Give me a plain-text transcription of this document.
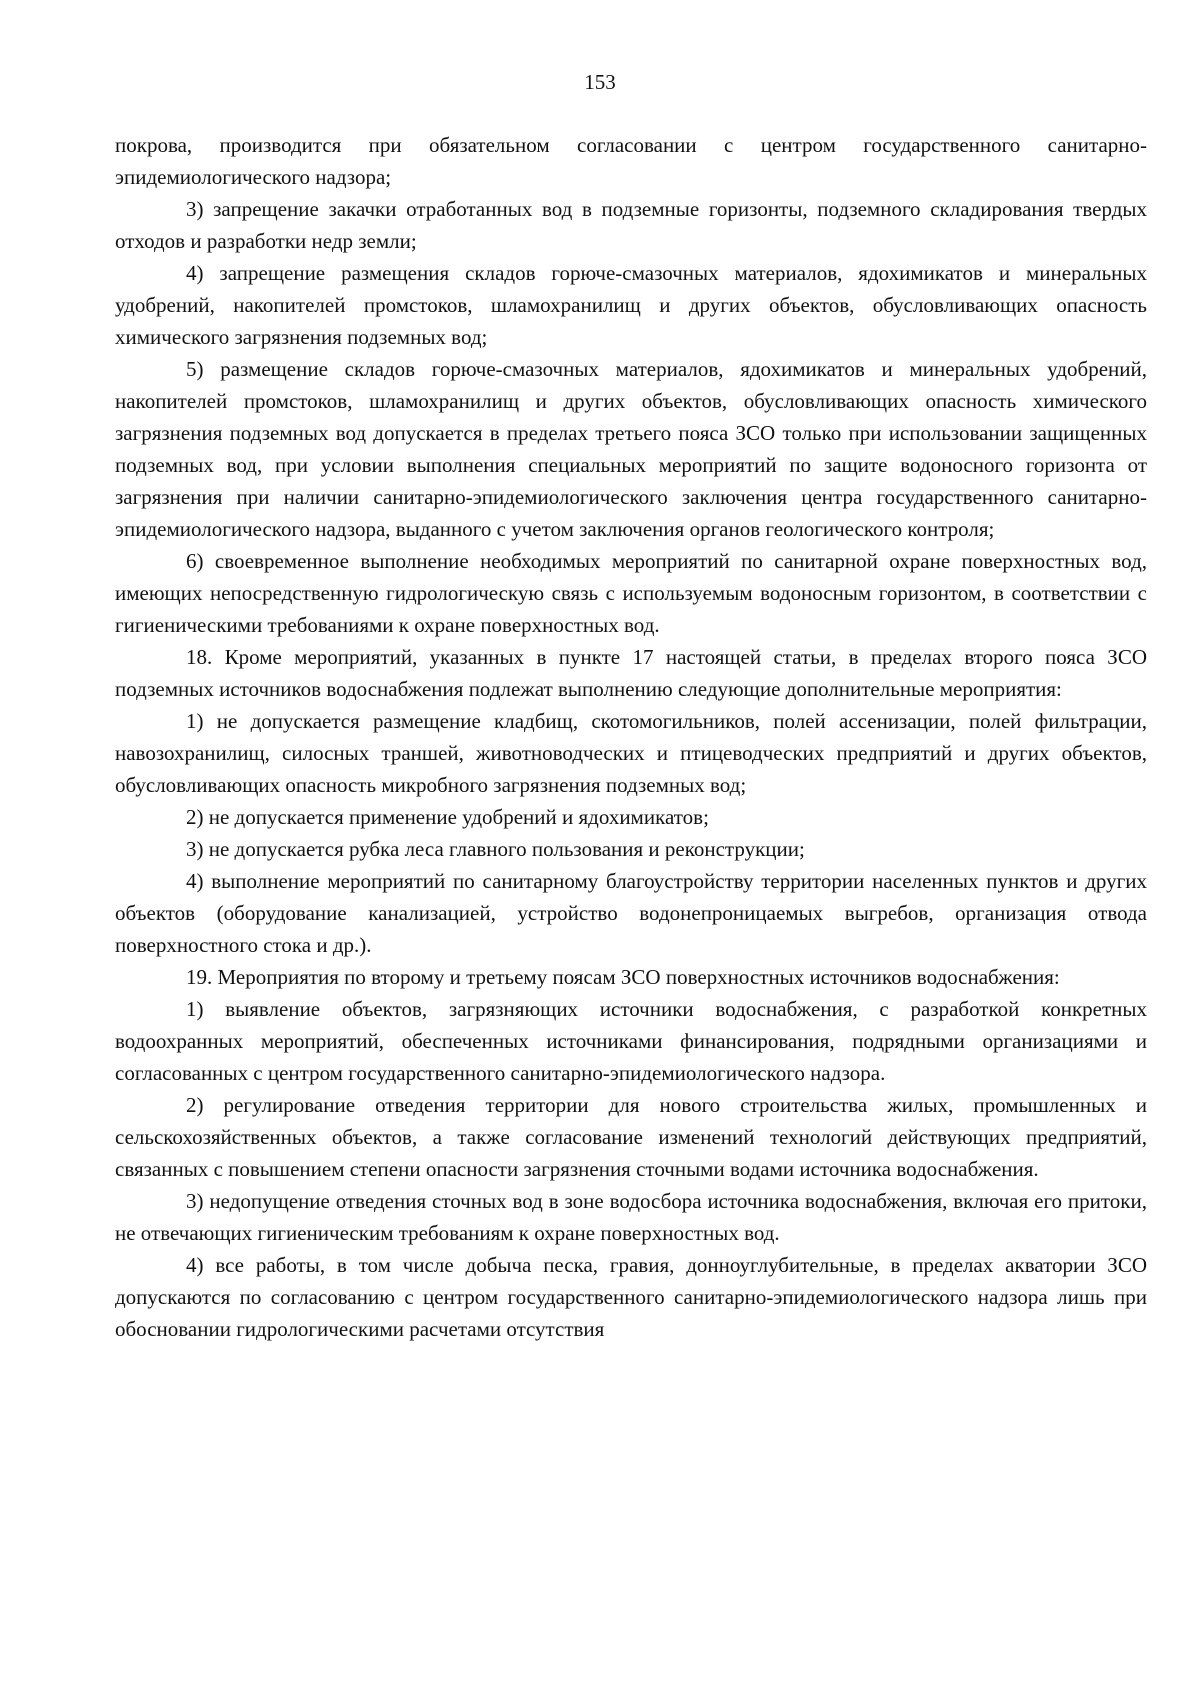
153

покрова, производится при обязательном согласовании с центром государственного санитарно-эпидемиологического надзора;

3) запрещение закачки отработанных вод в подземные горизонты, подземного складирования твердых отходов и разработки недр земли;

4) запрещение размещения складов горюче-смазочных материалов, ядохимикатов и минеральных удобрений, накопителей промстоков, шламохранилищ и других объектов, обусловливающих опасность химического загрязнения подземных вод;

5) размещение складов горюче-смазочных материалов, ядохимикатов и минеральных удобрений, накопителей промстоков, шламохранилищ и других объектов, обусловливающих опасность химического загрязнения подземных вод допускается в пределах третьего пояса ЗСО только при использовании защищенных подземных вод, при условии выполнения специальных мероприятий по защите водоносного горизонта от загрязнения при наличии санитарно-эпидемиологического заключения центра государственного санитарно-эпидемиологического надзора, выданного с учетом заключения органов геологического контроля;

6) своевременное выполнение необходимых мероприятий по санитарной охране поверхностных вод, имеющих непосредственную гидрологическую связь с используемым водоносным горизонтом, в соответствии с гигиеническими требованиями к охране поверхностных вод.

18. Кроме мероприятий, указанных в пункте 17 настоящей статьи, в пределах второго пояса ЗСО подземных источников водоснабжения подлежат выполнению следующие дополнительные мероприятия:

1) не допускается размещение кладбищ, скотомогильников, полей ассенизации, полей фильтрации, навозохранилищ, силосных траншей, животноводческих и птицеводческих предприятий и других объектов, обусловливающих опасность микробного загрязнения подземных вод;

2) не допускается применение удобрений и ядохимикатов;

3) не допускается рубка леса главного пользования и реконструкции;

4) выполнение мероприятий по санитарному благоустройству территории населенных пунктов и других объектов (оборудование канализацией, устройство водонепроницаемых выгребов, организация отвода поверхностного стока и др.).

19. Мероприятия по второму и третьему поясам ЗСО поверхностных источников водоснабжения:

1) выявление объектов, загрязняющих источники водоснабжения, с разработкой конкретных водоохранных мероприятий, обеспеченных источниками финансирования, подрядными организациями и согласованных с центром государственного санитарно-эпидемиологического надзора.

2) регулирование отведения территории для нового строительства жилых, промышленных и сельскохозяйственных объектов, а также согласование изменений технологий действующих предприятий, связанных с повышением степени опасности загрязнения сточными водами источника водоснабжения.

3) недопущение отведения сточных вод в зоне водосбора источника водоснабжения, включая его притоки, не отвечающих гигиеническим требованиям к охране поверхностных вод.

4) все работы, в том числе добыча песка, гравия, донноуглубительные, в пределах акватории ЗСО допускаются по согласованию с центром государственного санитарно-эпидемиологического надзора лишь при обосновании гидрологическими расчетами отсутствия
